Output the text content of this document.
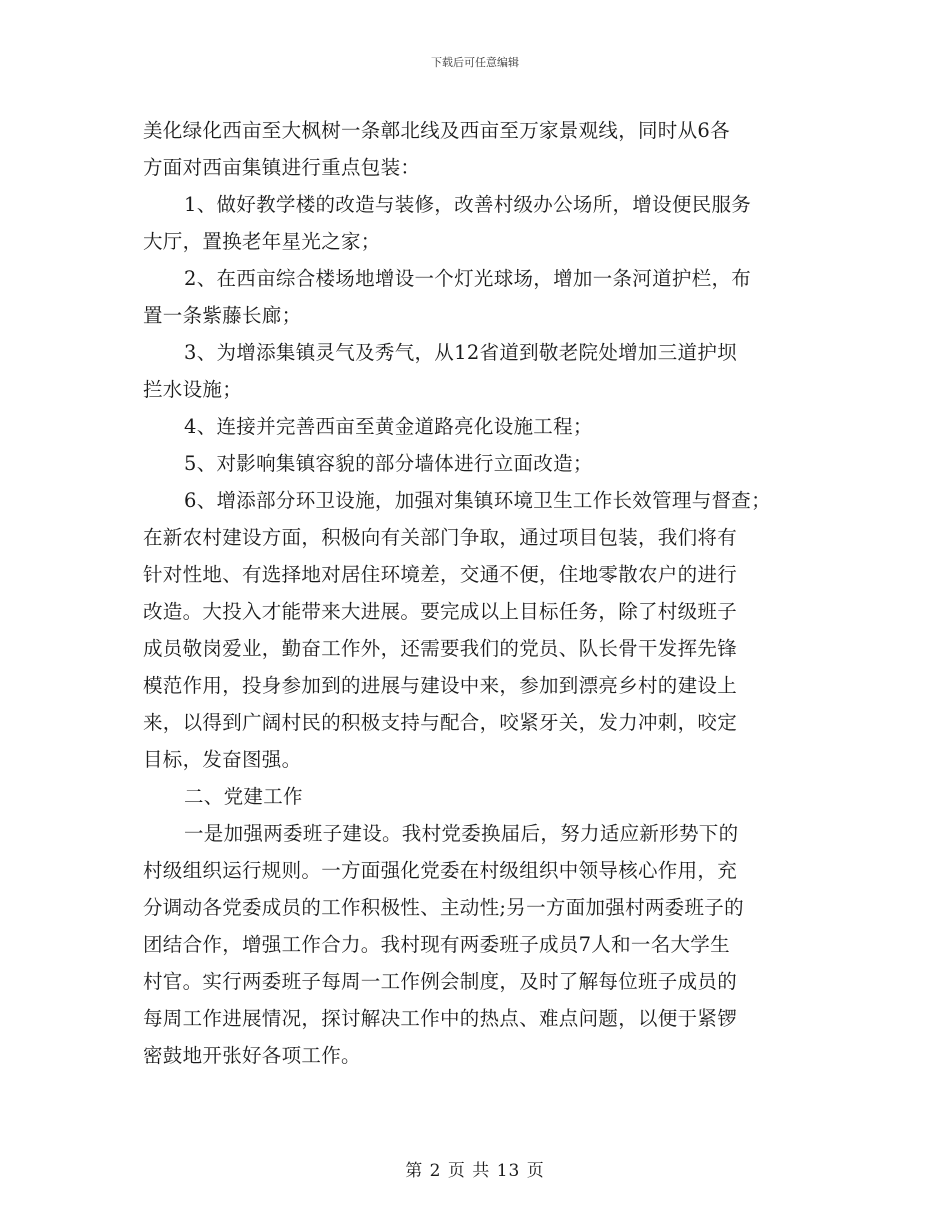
下载后可任意编辑
美化绿化西亩至大枫树一条鄣北线及西亩至万家景观线，同时从6各
方面对西亩集镇进行重点包装：
1、做好教学楼的改造与装修，改善村级办公场所，增设便民服务
大厅，置换老年星光之家；
2、在西亩综合楼场地增设一个灯光球场，增加一条河道护栏，布
置一条紫藤长廊；
3、为增添集镇灵气及秀气，从12省道到敬老院处增加三道护坝
拦水设施；
4、连接并完善西亩至黄金道路亮化设施工程；
5、对影响集镇容貌的部分墙体进行立面改造；
6、增添部分环卫设施，加强对集镇环境卫生工作长效管理与督查；
在新农村建设方面，积极向有关部门争取，通过项目包装，我们将有
针对性地、有选择地对居住环境差，交通不便，住地零散农户的进行
改造。大投入才能带来大进展。要完成以上目标任务，除了村级班子
成员敬岗爱业，勤奋工作外，还需要我们的党员、队长骨干发挥先锋
模范作用，投身参加到的进展与建设中来，参加到漂亮乡村的建设上
来，以得到广阔村民的积极支持与配合，咬紧牙关，发力冲刺，咬定
目标，发奋图强。
二、党建工作
一是加强两委班子建设。我村党委换届后，努力适应新形势下的
村级组织运行规则。一方面强化党委在村级组织中领导核心作用，充
分调动各党委成员的工作积极性、主动性;另一方面加强村两委班子的
团结合作，增强工作合力。我村现有两委班子成员7人和一名大学生
村官。实行两委班子每周一工作例会制度，及时了解每位班子成员的
每周工作进展情况，探讨解决工作中的热点、难点问题，以便于紧锣
密鼓地开张好各项工作。
第 2 页 共 13 页
